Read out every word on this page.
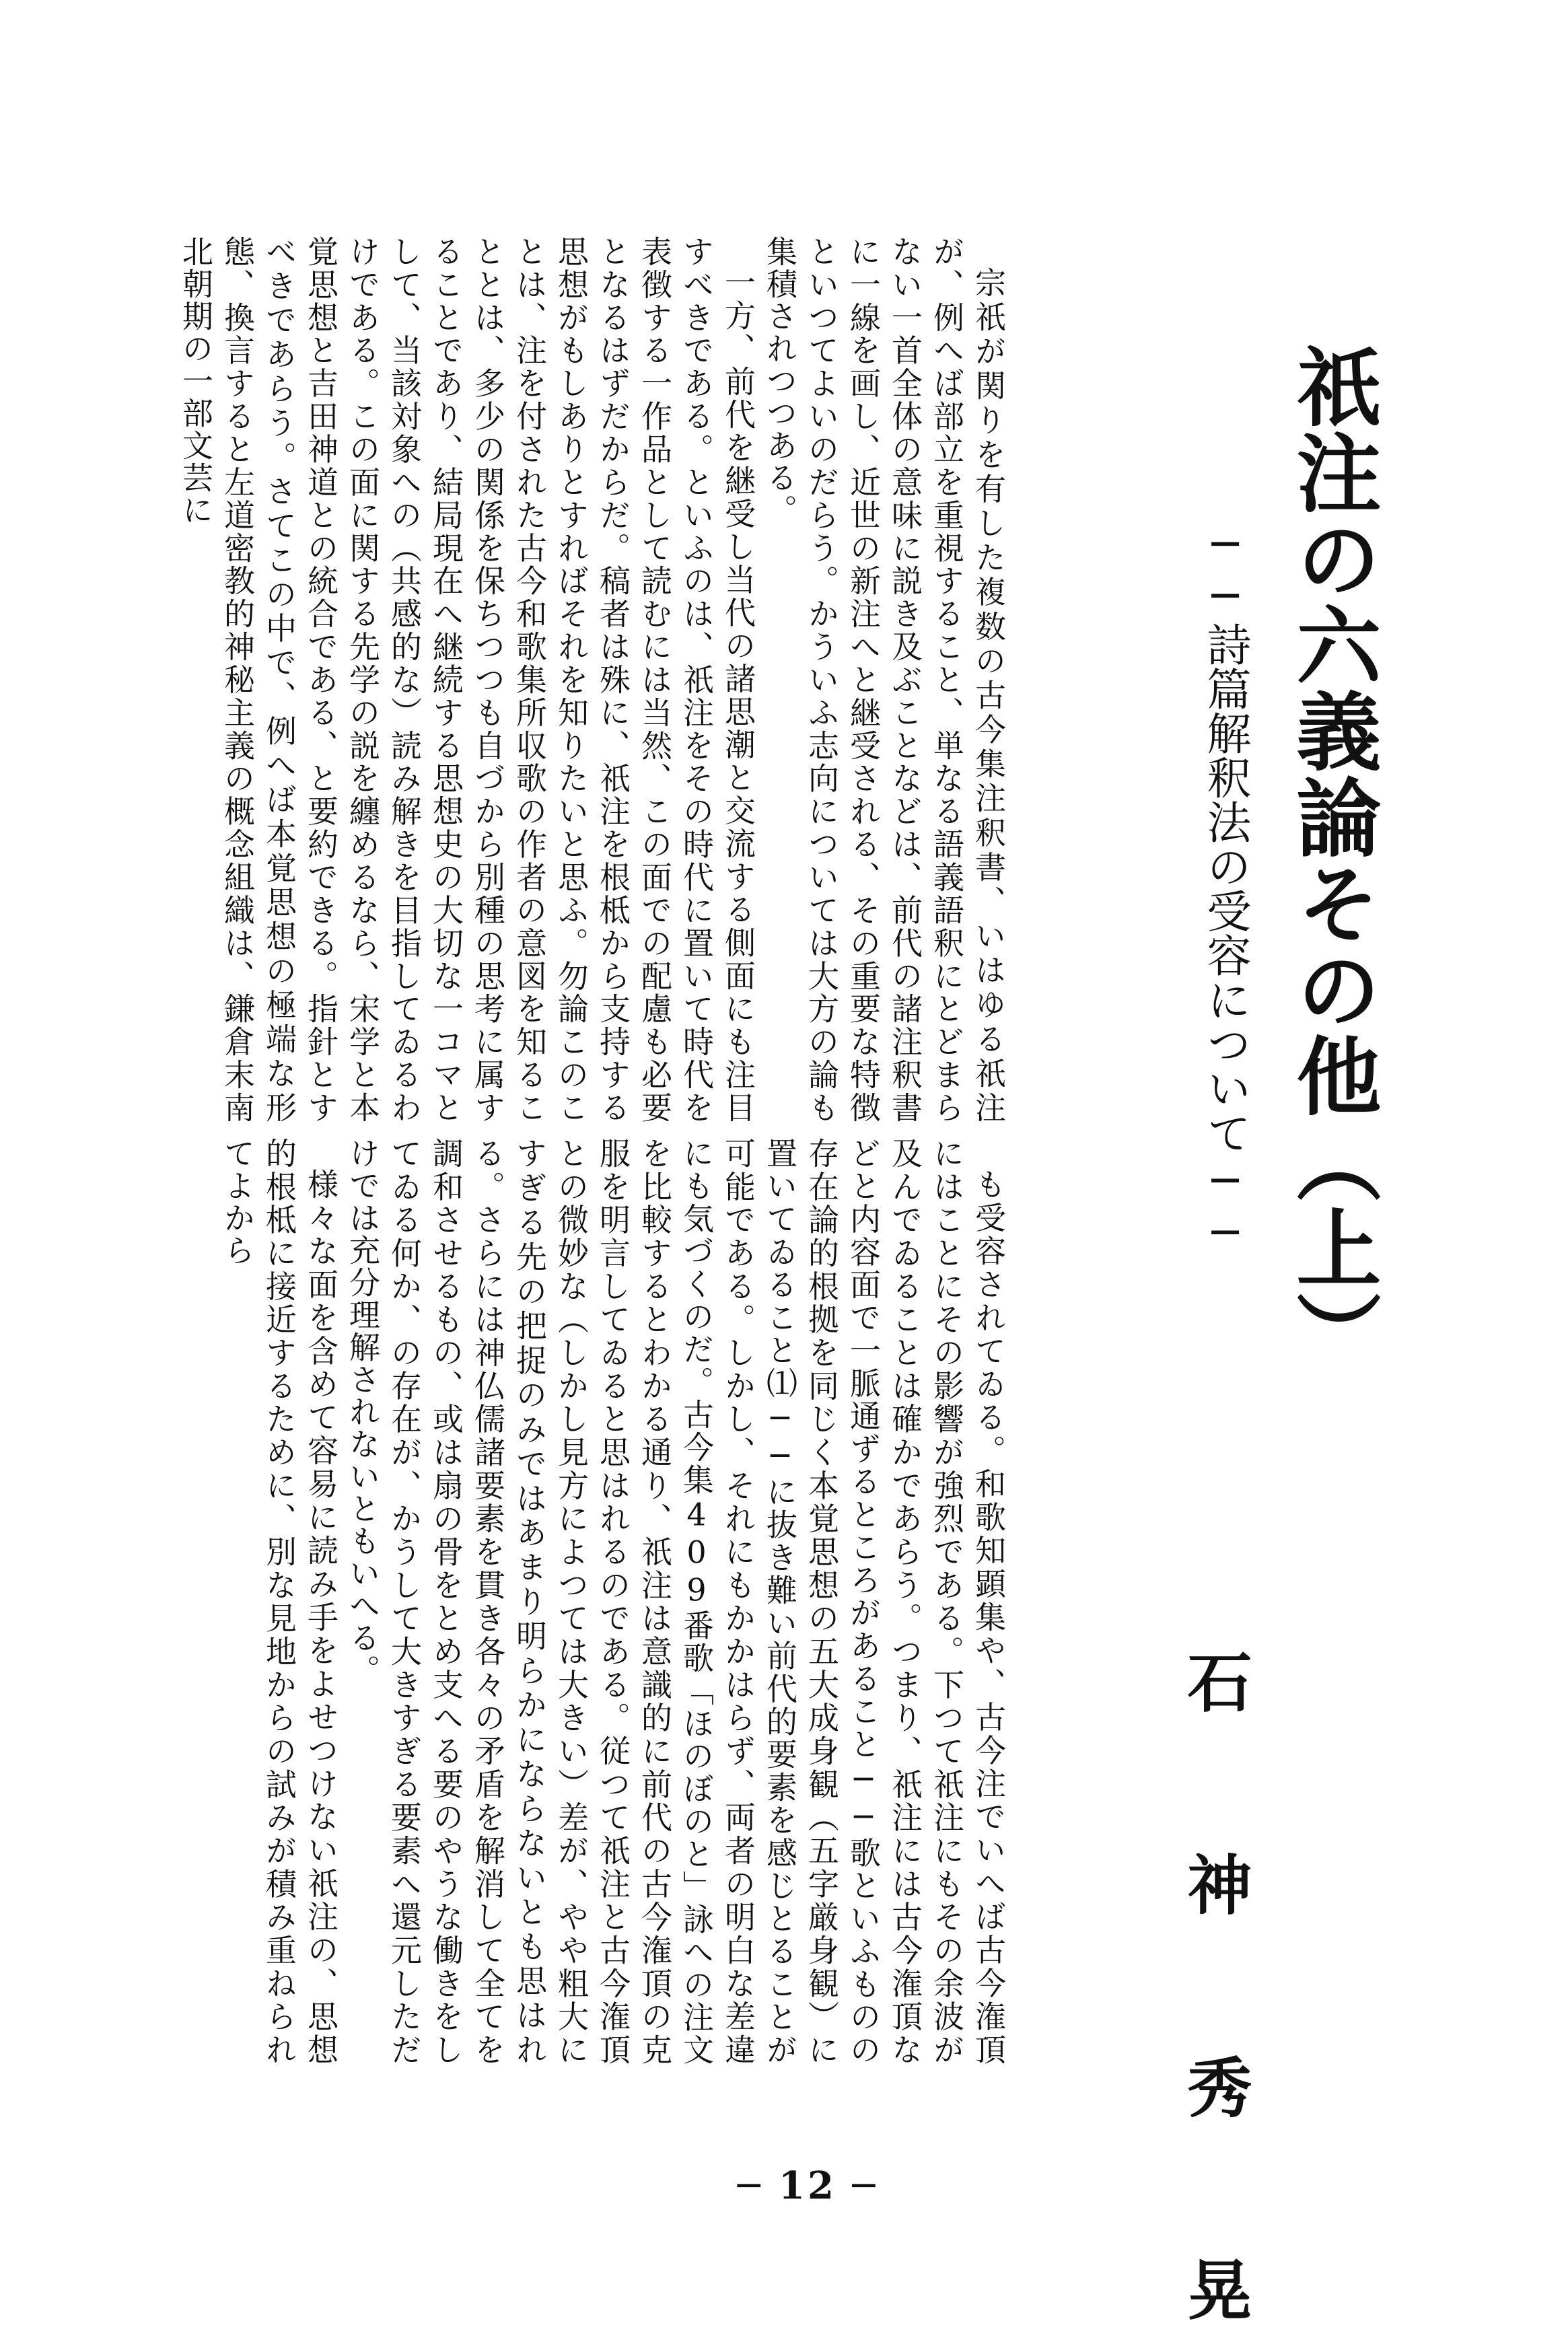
祇注の六義論その他（上）
──詩篇解釈法の受容について──
石 神 秀 晃

宗祇が関りを有した複数の古今集注釈書、いはゆる祇注が、例へば部立を重視すること、単なる語義語釈にとどまらない一首全体の意味に説き及ぶことなどは、前代の諸注釈書に一線を画し、近世の新注へと継受される、その重要な特徴といつてよいのだらう。かういふ志向については大方の論も集積されつつある。

一方、前代を継受し当代の諸思潮と交流する側面にも注目すべきである。といふのは、祇注をその時代に置いて時代を表徴する一作品として読むには当然、この面での配慮も必要となるはずだからだ。稿者は殊に、祇注を根柢から支持する思想がもしありとすればそれを知りたいと思ふ。勿論このことは、注を付された古今和歌集所収歌の作者の意図を知ることとは、多少の関係を保ちつつも自づから別種の思考に属することであり、結局現在へ継続する思想史の大切な一コマとして、当該対象への（共感的な）読み解きを目指してゐるわけである。この面に関する先学の説を纏めるなら、宋学と本覚思想と吉田神道との統合である、と要約できる。指針とすべきであらう。さてこの中で、例へば本覚思想の極端な形態、換言すると左道密教的神秘主義の概念組織は、鎌倉末南北朝期の一部文芸に

も受容されてゐる。和歌知顕集や、古今注でいへば古今潅頂にはことにその影響が強烈である。下つて祇注にもその余波が及んでゐることは確かであらう。つまり、祇注には古今潅頂などと内容面で一脈通ずるところがあること──歌といふものの存在論的根拠を同じく本覚思想の五大成身観（五字厳身観）に置いてゐること⑴──に抜き難い前代的要素を感じとることが可能である。しかし、それにもかかはらず、両者の明白な差違にも気づくのだ。古今集409番歌「ほのぼのと」詠への注文を比較するとわかる通り、祇注は意識的に前代の古今潅頂の克服を明言してゐると思はれるのである。従つて祇注と古今潅頂との微妙な（しかし見方によつては大きい）差が、やや粗大にすぎる先の把捉のみではあまり明らかにならないとも思はれる。さらには神仏儒諸要素を貫き各々の矛盾を解消して全てを調和させるもの、或は扇の骨をとめ支へる要のやうな働きをしてゐる何か、の存在が、かうして大きすぎる要素へ還元しただけでは充分理解されないともいへる。

様々な面を含めて容易に読み手をよせつけない祇注の、思想的根柢に接近するために、別な見地からの試みが積み重ねられてよから

─ 12 ─
